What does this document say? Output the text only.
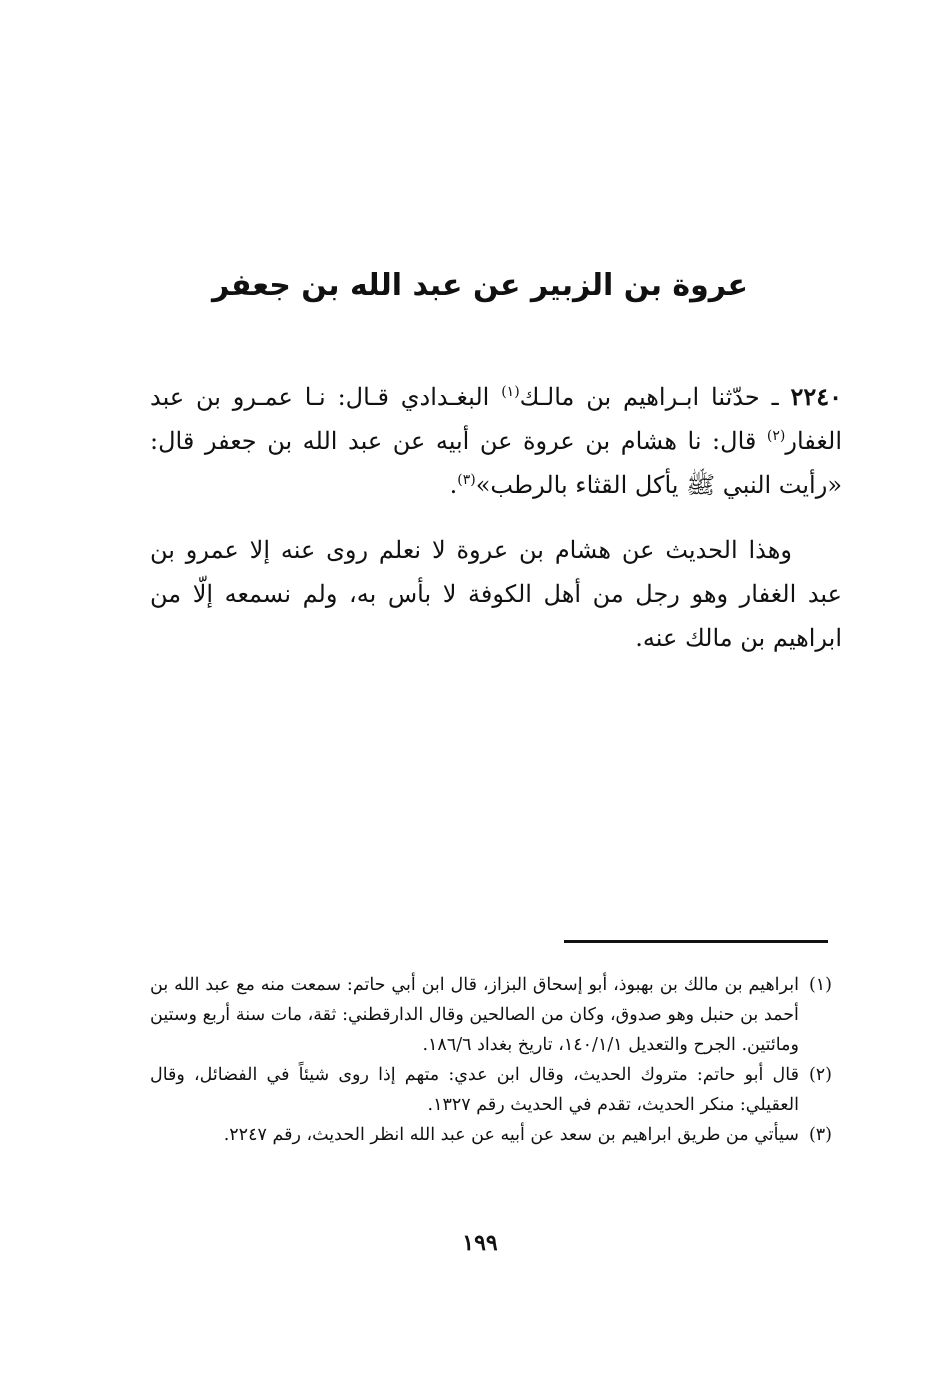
عروة بن الزبير عن عبد الله بن جعفر

٢٢٤٠ ـ حدّثنا ابـراهيم بن مالـك$^{(١)}$ البغـدادي قـال: نـا عمـرو بن عبد الغفار$^{(٢)}$ قال: نا هشام بن عروة عن أبيه عن عبد الله بن جعفر قال: «رأيت النبي ﷺ يأكل القثاء بالرطب»$^{(٣)}$.

وهذا الحديث عن هشام بن عروة لا نعلم روى عنه إلا عمرو بن عبد الغفار وهو رجل من أهل الكوفة لا بأس به، ولم نسمعه إلّا من ابراهيم بن مالك عنه.

(١)
ابراهيم بن مالك بن بهبوذ، أبو إسحاق البزاز، قال ابن أبي حاتم: سمعت منه مع عبد الله بن أحمد بن حنبل وهو صدوق، وكان من الصالحين وقال الدارقطني: ثقة، مات سنة أربع وستين ومائتين. الجرح والتعديل ١٤٠/١/١، تاريخ بغداد ١٨٦/٦.
(٢)
قال أبو حاتم: متروك الحديث، وقال ابن عدي: متهم إذا روى شيئاً في الفضائل، وقال العقيلي: منكر الحديث، تقدم في الحديث رقم ١٣٢٧.
(٣)
سيأتي من طريق ابراهيم بن سعد عن أبيه عن عبد الله انظر الحديث، رقم ٢٢٤٧.
١٩٩
